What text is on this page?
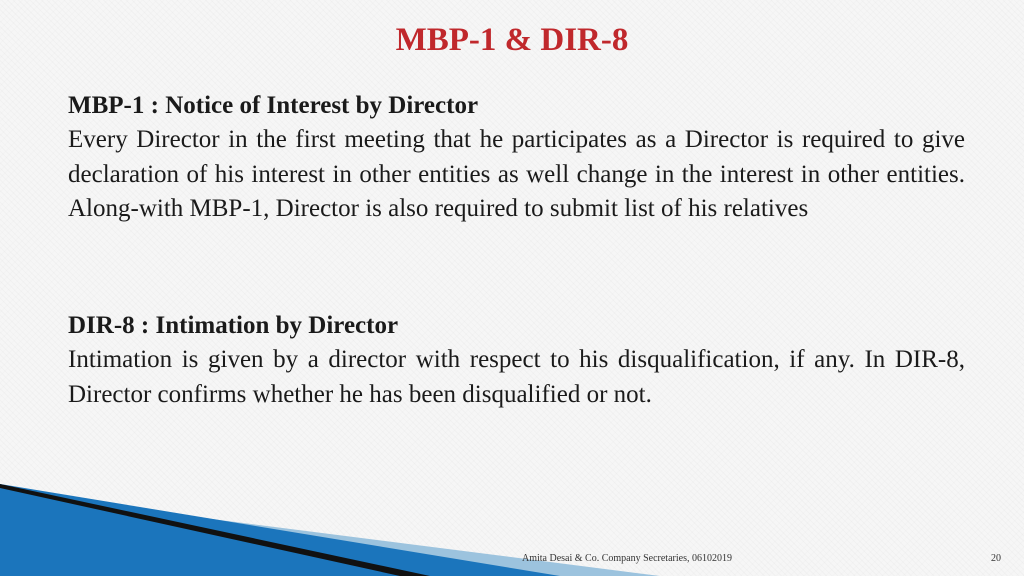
MBP-1 & DIR-8

MBP-1 : Notice of Interest by Director

Every Director in the first meeting that he participates as a Director is required to give declaration of his interest in other entities as well change in the interest in other entities. Along-with MBP-1, Director is also required to submit list of his relatives

DIR-8 : Intimation by Director

Intimation is given by a director with respect to his disqualification, if any. In DIR-8, Director confirms whether he has been disqualified or not.

Amita Desai & Co. Company Secretaries, 06102019	20
